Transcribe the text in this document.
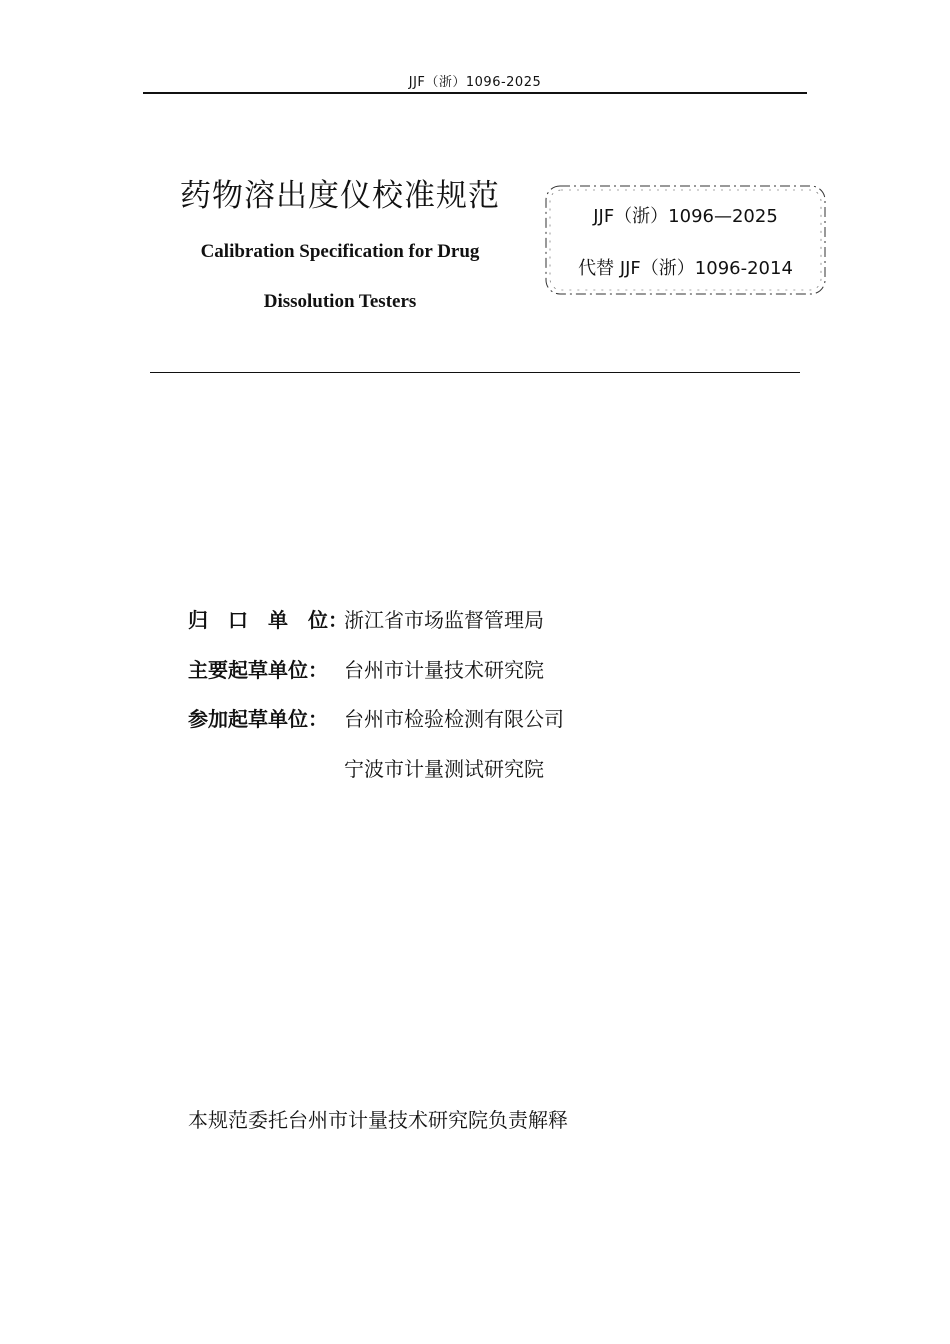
JJF（浙）1096-2025
药物溶出度仪校准规范
Calibration Specification for Drug
Dissolution Testers
JJF（浙）1096—2025
代替 JJF（浙）1096-2014
归　口　单　位：浙江省市场监督管理局
主要起草单位： 台州市计量技术研究院
参加起草单位： 台州市检验检测有限公司
宁波市计量测试研究院
本规范委托台州市计量技术研究院负责解释
